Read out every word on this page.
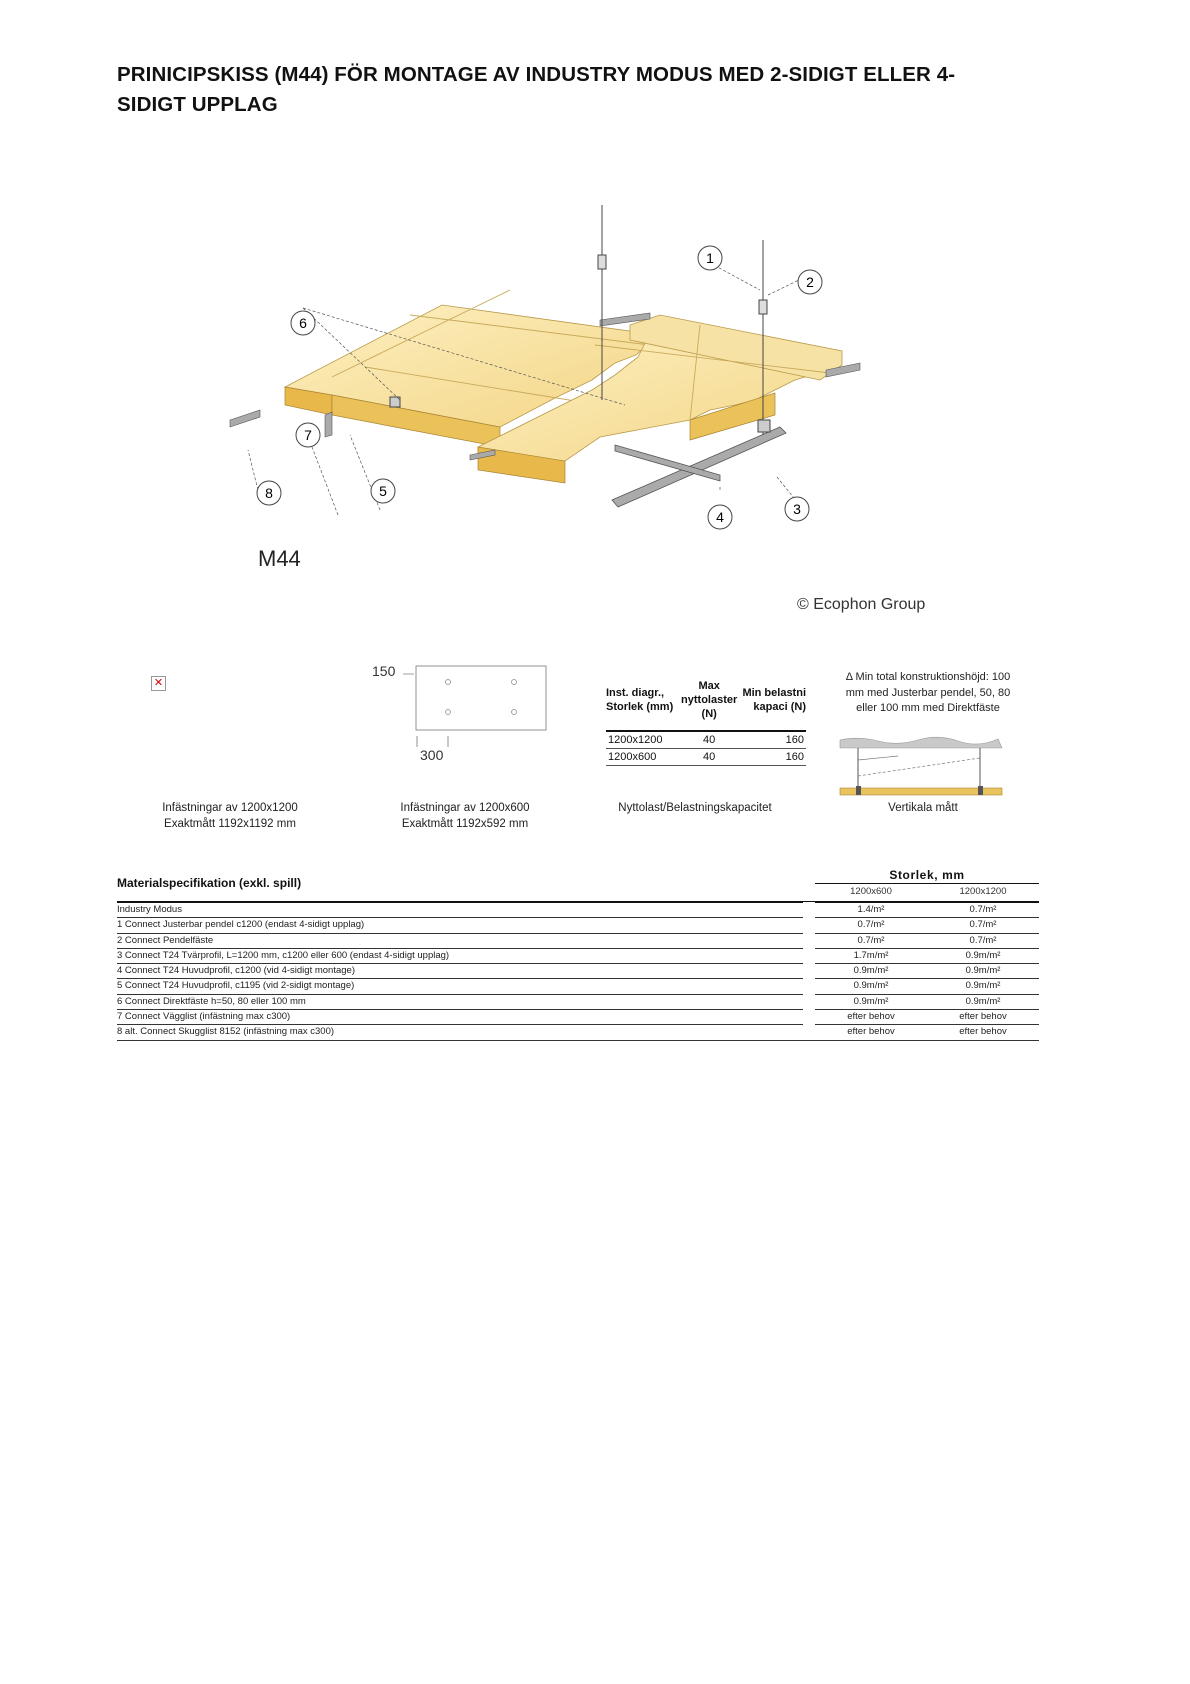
PRINICIPSKISS (M44) FÖR MONTAGE AV INDUSTRY MODUS MED 2-SIDIGT ELLER 4-SIDIGT UPPLAG
1
2
3
4
5
6
7
8
M44
© Ecophon Group
✕
150
300
Inst. diagr., Storlek (mm)	Max nyttolaster (N)	Min belastni kapaci (N)
1200x1200	40	160
1200x600	40	160
Δ Min total konstruktionshöjd: 100 mm med Justerbar pendel, 50, 80 eller 100 mm med Direktfäste
Infästningar av 1200x1200
Exaktmått 1192x1192 mm
Infästningar av 1200x600
Exaktmått 1192x592 mm
Nyttolast/Belastningskapacitet	Vertikala mått
Materialspecifikation (exkl. spill)
Storlek, mm
1200x600	1200x1200
Industry Modus	1.4/m²	0.7/m²
1 Connect Justerbar pendel c1200 (endast 4-sidigt upplag)	0.7/m²	0.7/m²
2 Connect Pendelfäste	0.7/m²	0.7/m²
3 Connect T24 Tvärprofil, L=1200 mm, c1200 eller 600 (endast 4-sidigt upplag)	1.7m/m²	0.9m/m²
4 Connect T24 Huvudprofil, c1200 (vid 4-sidigt montage)	0.9m/m²	0.9m/m²
5 Connect T24 Huvudprofil, c1195 (vid 2-sidigt montage)	0.9m/m²	0.9m/m²
6 Connect Direktfäste h=50, 80 eller 100 mm	0.9m/m²	0.9m/m²
7 Connect Vägglist (infästning max c300)	efter behov	efter behov
8 alt. Connect Skugglist 8152 (infästning max c300)	efter behov	efter behov
